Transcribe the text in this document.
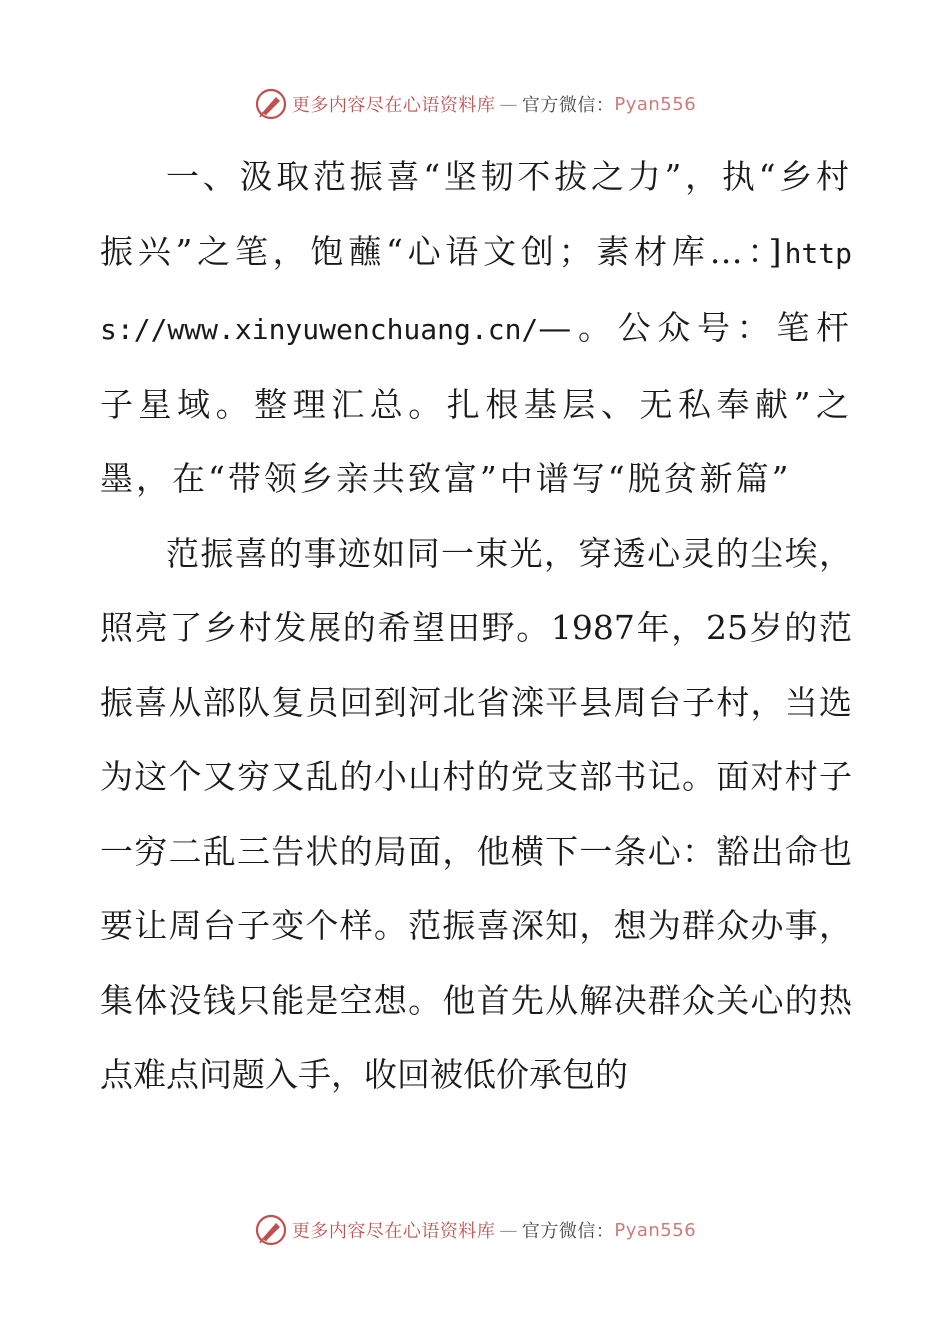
更多内容尽在心语资料库 — 官方微信： Pyan556

一、汲取范振喜“坚韧不拔之力”，执“乡村振兴”之笔，饱蘸“心语文创；素材库…：]https://www.xinyuwenchuang.cn/—。公众号：笔杆子星域。整理汇总。扎根基层、无私奉献”之墨，在“带领乡亲共致富”中谱写“脱贫新篇”

范振喜的事迹如同一束光，穿透心灵的尘埃，照亮了乡村发展的希望田野。1987年，25岁的范振喜从部队复员回到河北省滦平县周台子村，当选为这个又穷又乱的小山村的党支部书记。面对村子一穷二乱三告状的局面，他横下一条心：豁出命也要让周台子变个样。范振喜深知，想为群众办事，集体没钱只能是空想。他首先从解决群众关心的热点难点问题入手，收回被低价承包的

更多内容尽在心语资料库 — 官方微信： Pyan556
